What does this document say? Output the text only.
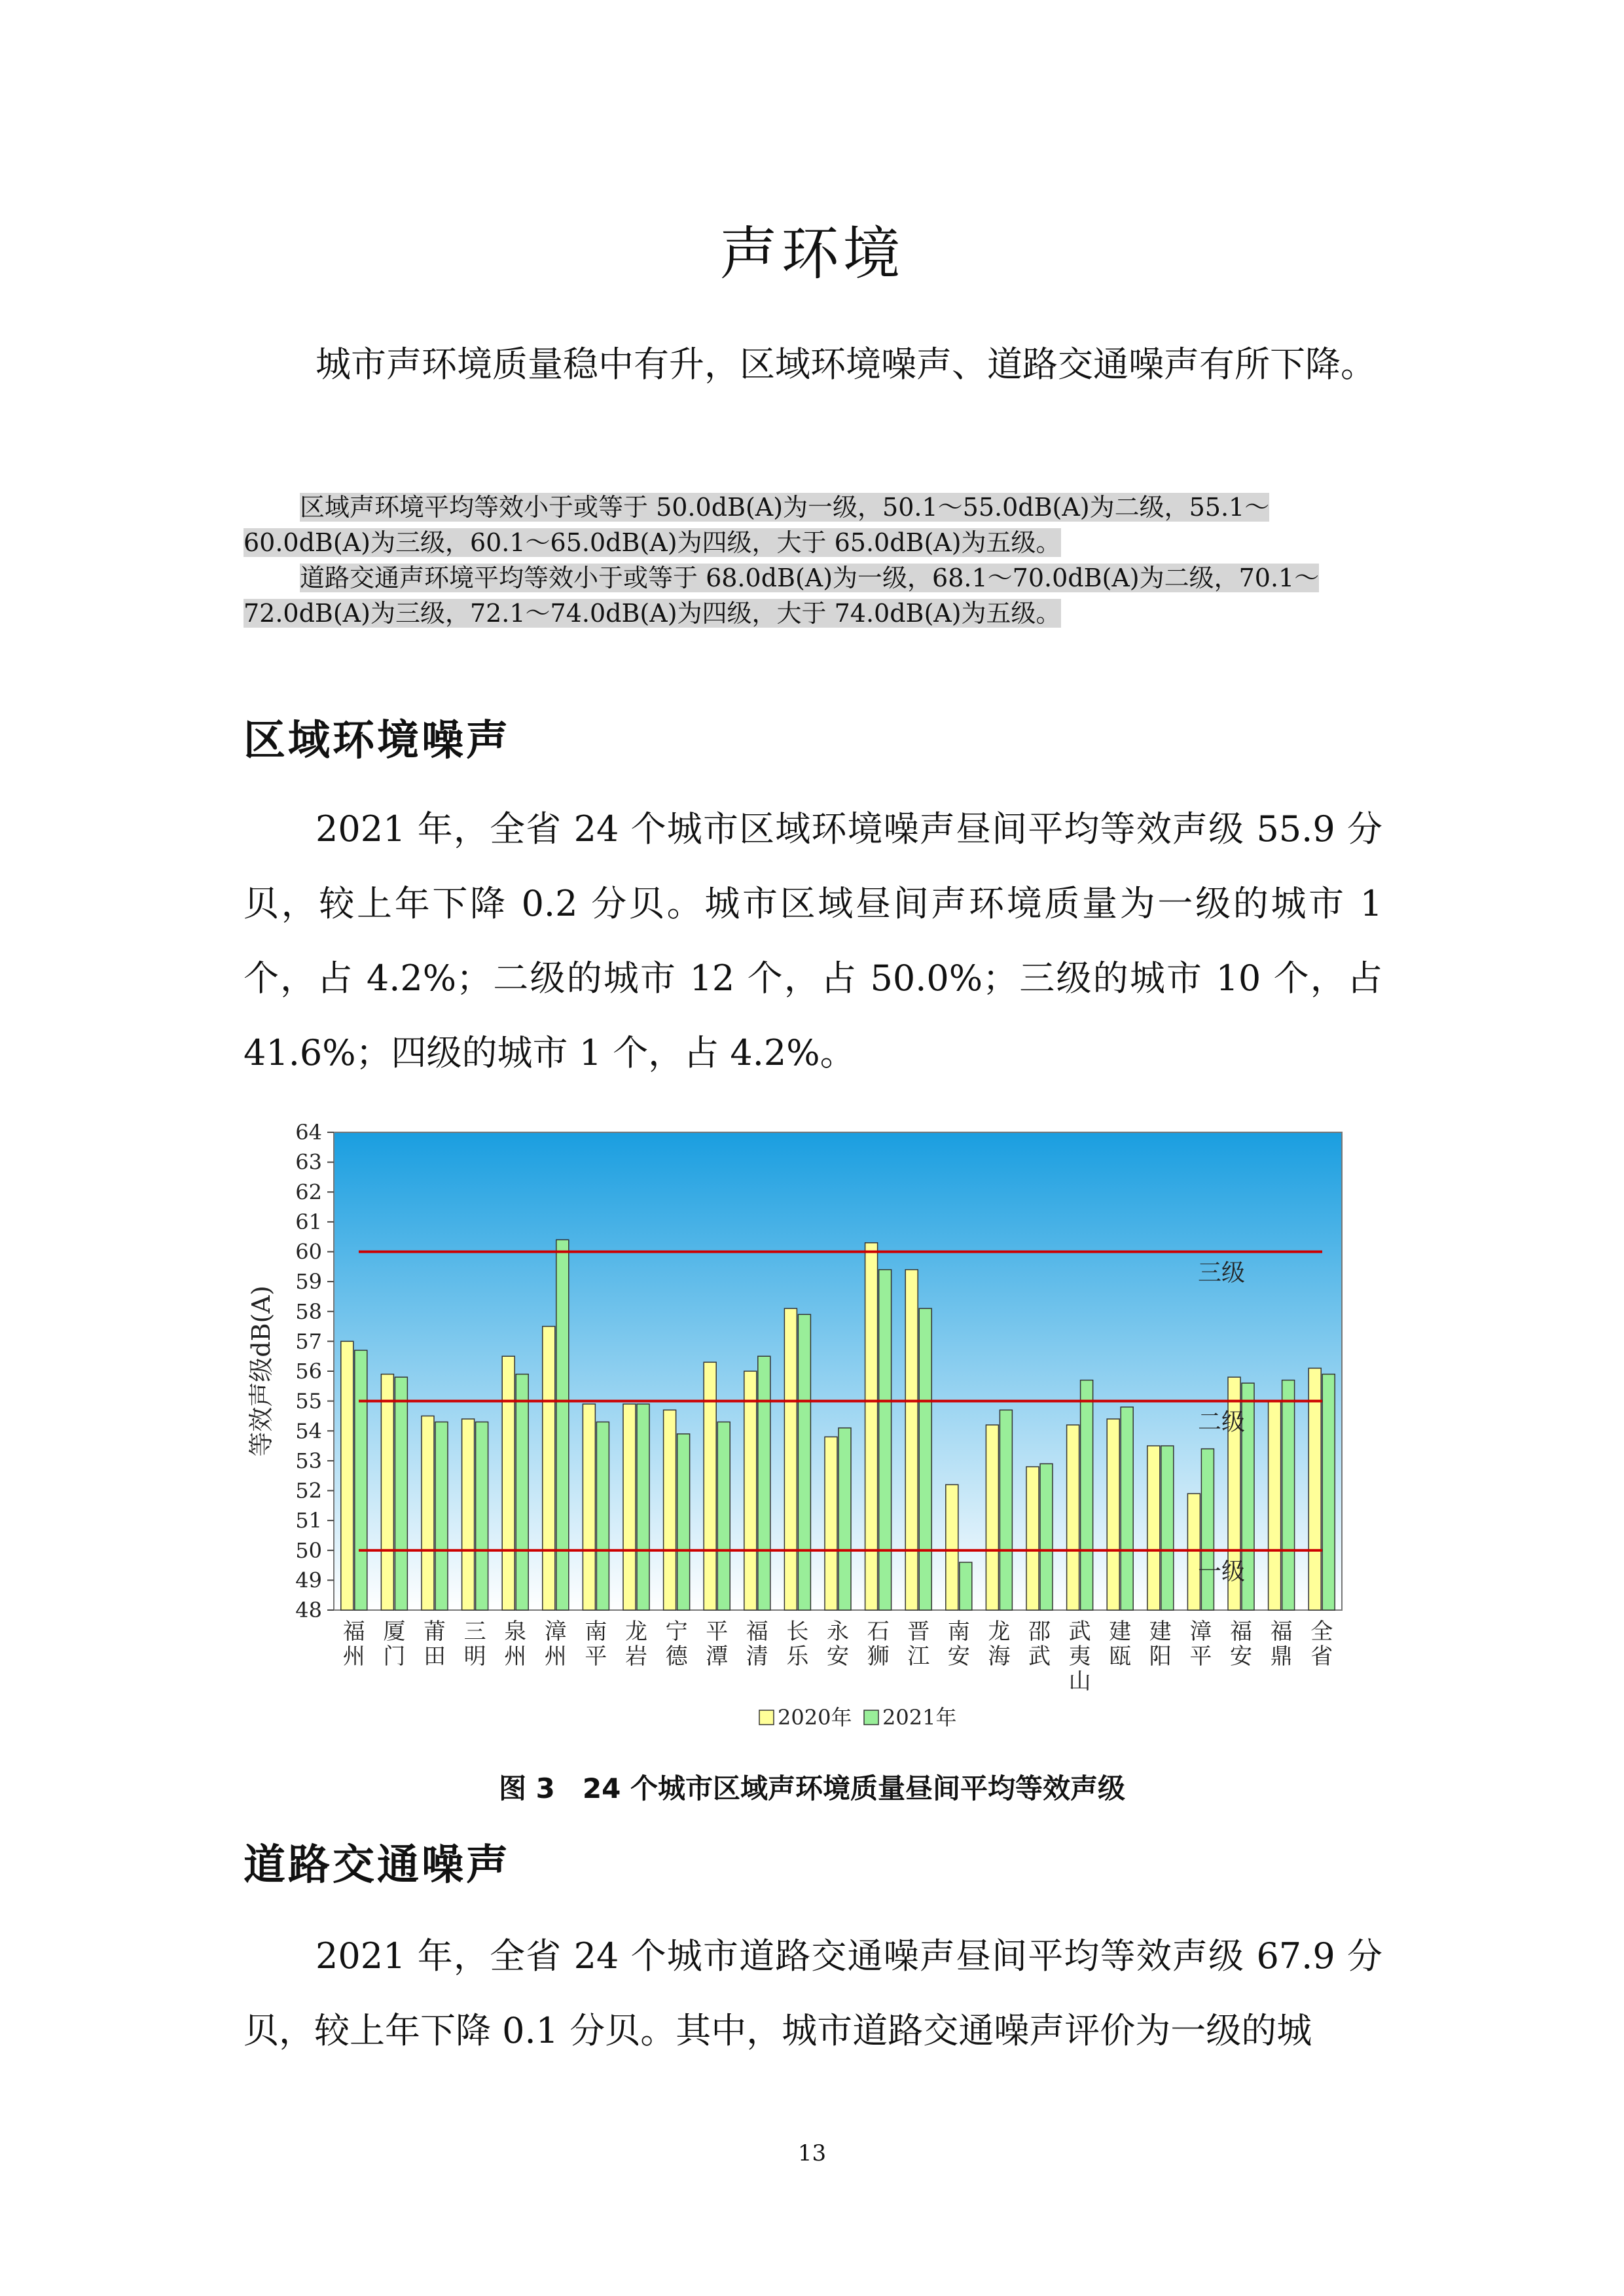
声环境

城市声环境质量稳中有升，区域环境噪声、道路交通噪声有所下降。

区域声环境平均等效小于或等于 50.0dB(A)为一级，50.1～55.0dB(A)为二级，55.1～60.0dB(A)为三级，60.1～65.0dB(A)为四级，大于 65.0dB(A)为五级。

道路交通声环境平均等效小于或等于 68.0dB(A)为一级，68.1～70.0dB(A)为二级，70.1～72.0dB(A)为三级，72.1～74.0dB(A)为四级，大于 74.0dB(A)为五级。

区域环境噪声

2021 年，全省 24 个城市区域环境噪声昼间平均等效声级 55.9 分贝，较上年下降 0.2 分贝。城市区域昼间声环境质量为一级的城市 1 个，占 4.2%；二级的城市 12 个，占 50.0%；三级的城市 10 个，占 41.6%；四级的城市 1 个，占 4.2%。

48
49
50
51
52
53
54
55
56
57
58
59
60
61
62
63
64
等效声级dB(A)
三级
二级
一级
福州
厦门
莆田
三明
泉州
漳州
南平
龙岩
宁德
平潭
福清
长乐
永安
石狮
晋江
南安
龙海
邵武
武夷山
建瓯
建阳
漳平
福安
福鼎
全省
2020年 2021年
图 3　24 个城市区域声环境质量昼间平均等效声级
道路交通噪声

2021 年，全省 24 个城市道路交通噪声昼间平均等效声级 67.9 分贝，较上年下降 0.1 分贝。其中，城市道路交通噪声评价为一级的城

13
